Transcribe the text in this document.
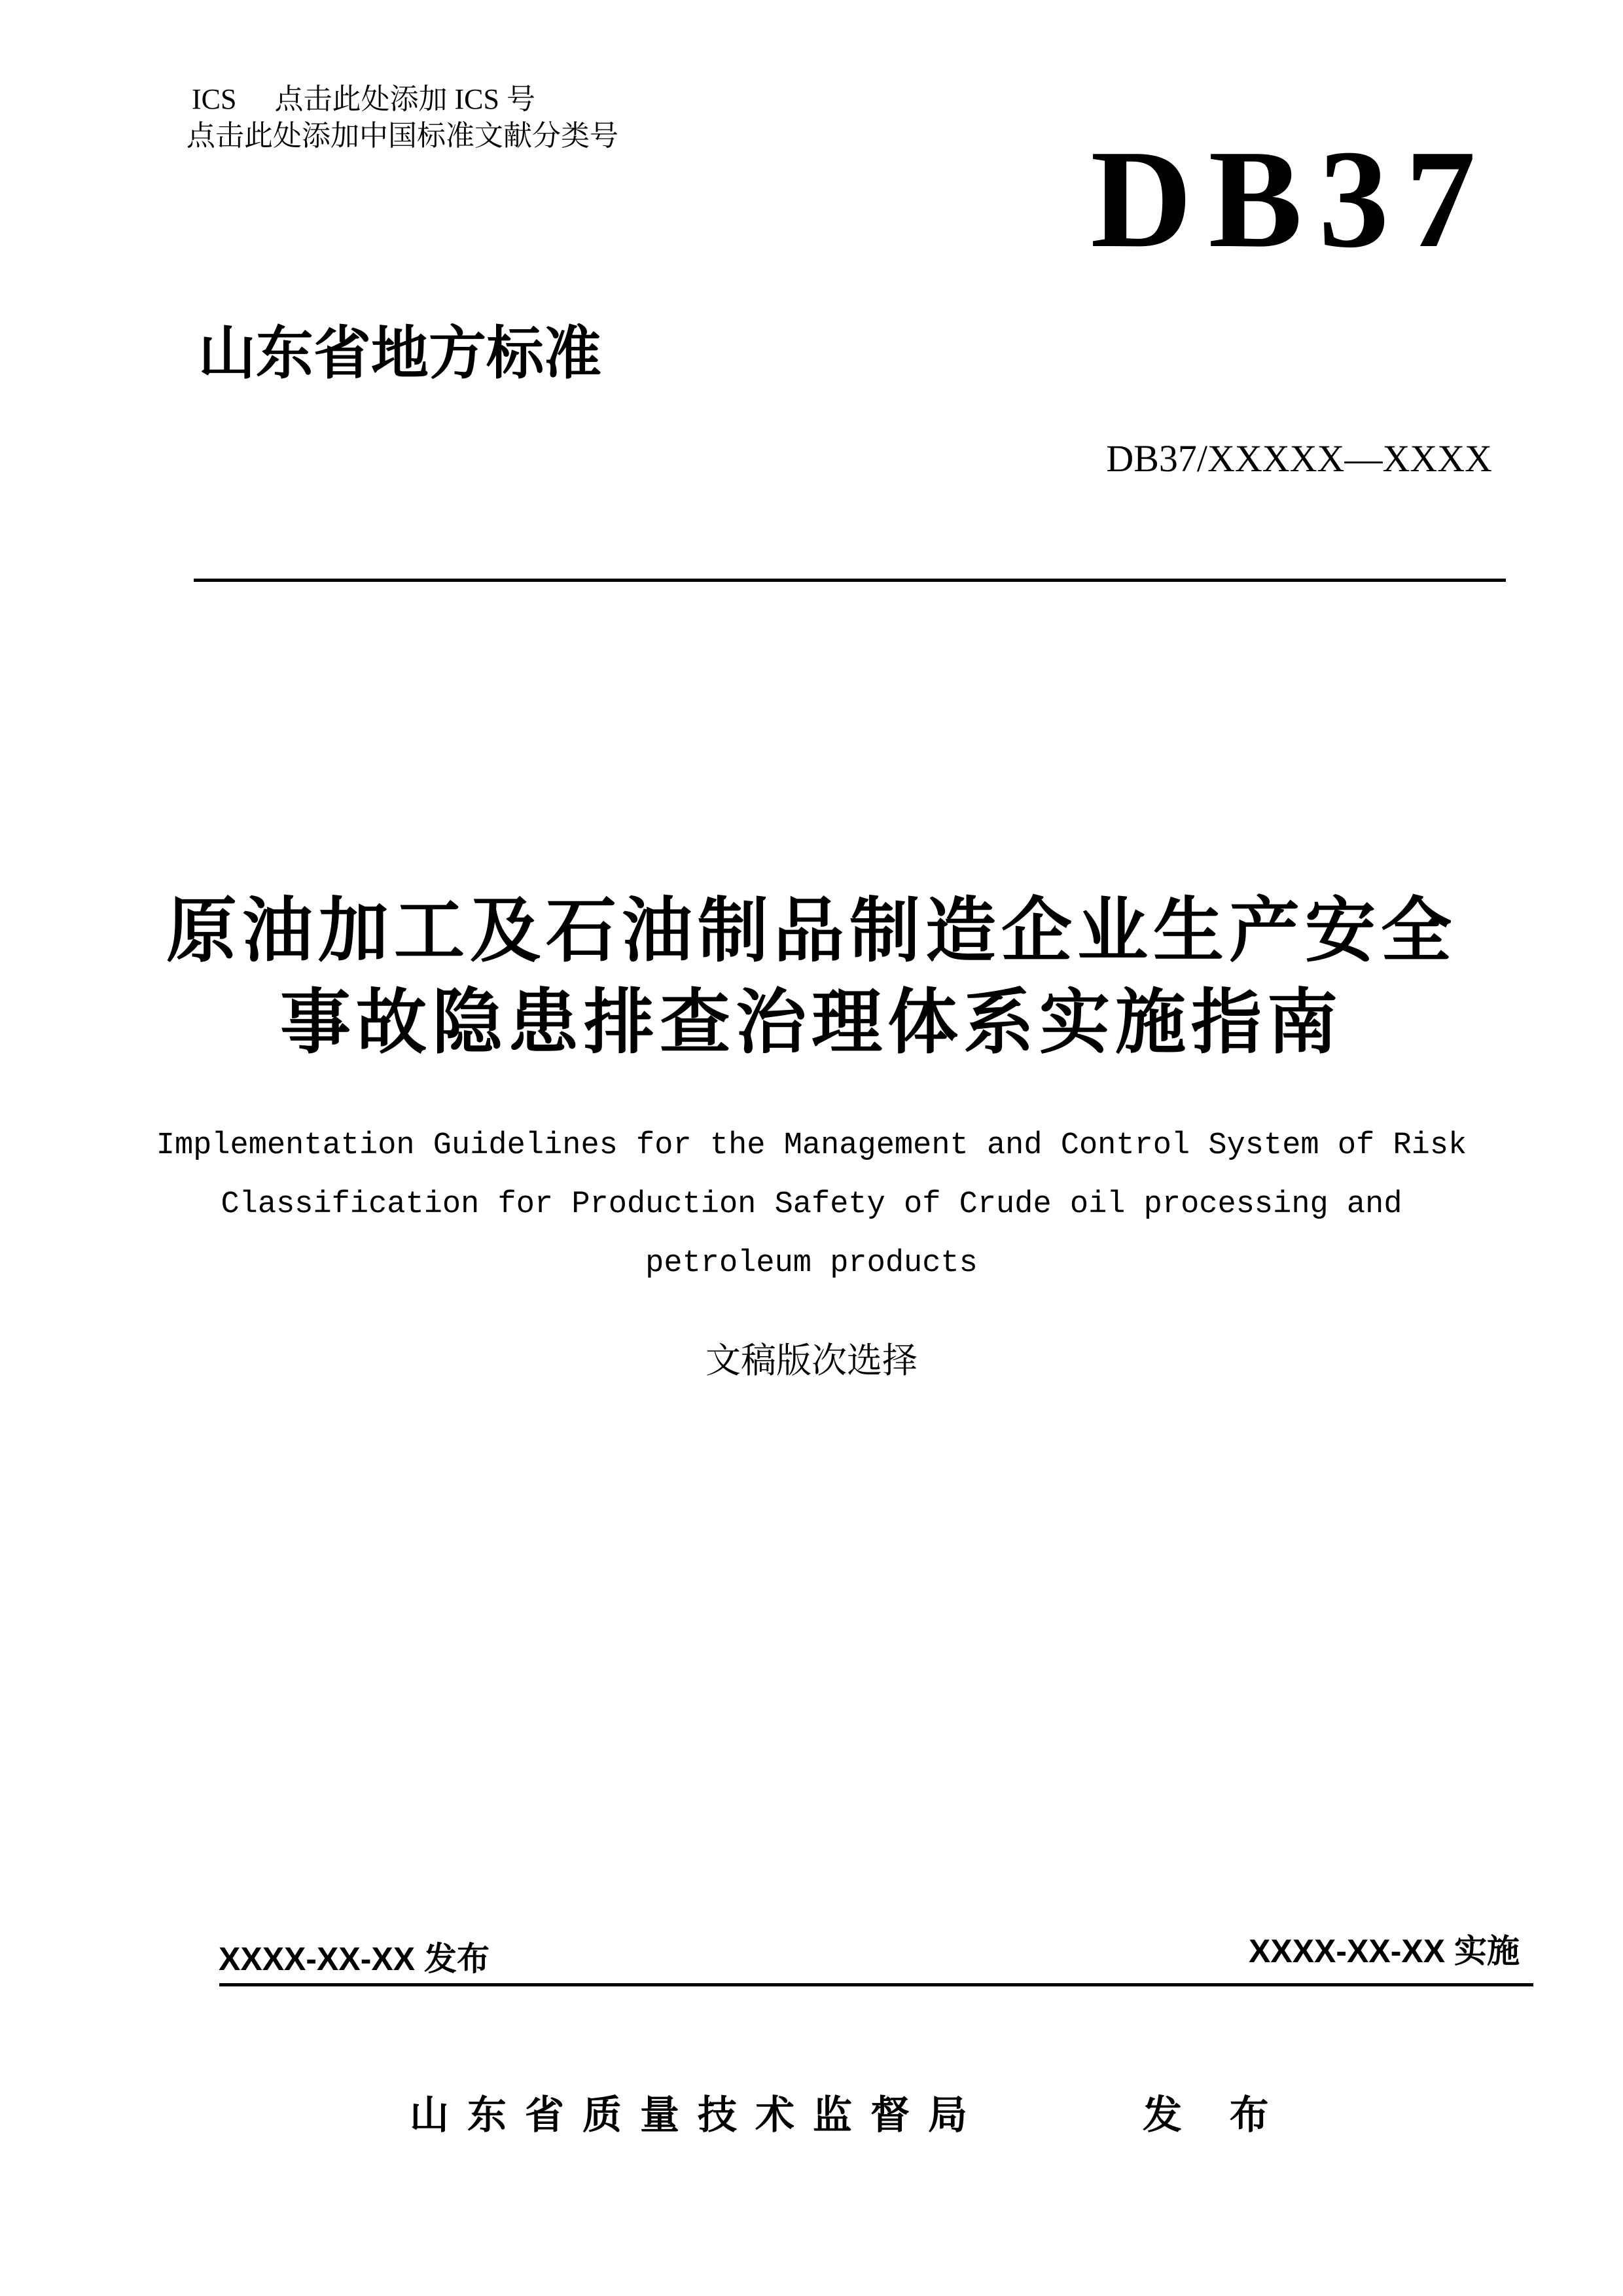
ICS 点击此处添加 ICS 号
点击此处添加中国标准文献分类号	DB37
山东省地方标准
DB37/XXXXX—XXXX
原油加工及石油制品制造企业生产安全
事故隐患排查治理体系实施指南
Implementation Guidelines for the Management and Control System of Risk
Classification for Production Safety of Crude oil processing and
petroleum products
文稿版次选择
XXXX-XX-XX 发布	XXXX-XX-XX 实施
山东省质量技术监督局	发 布
